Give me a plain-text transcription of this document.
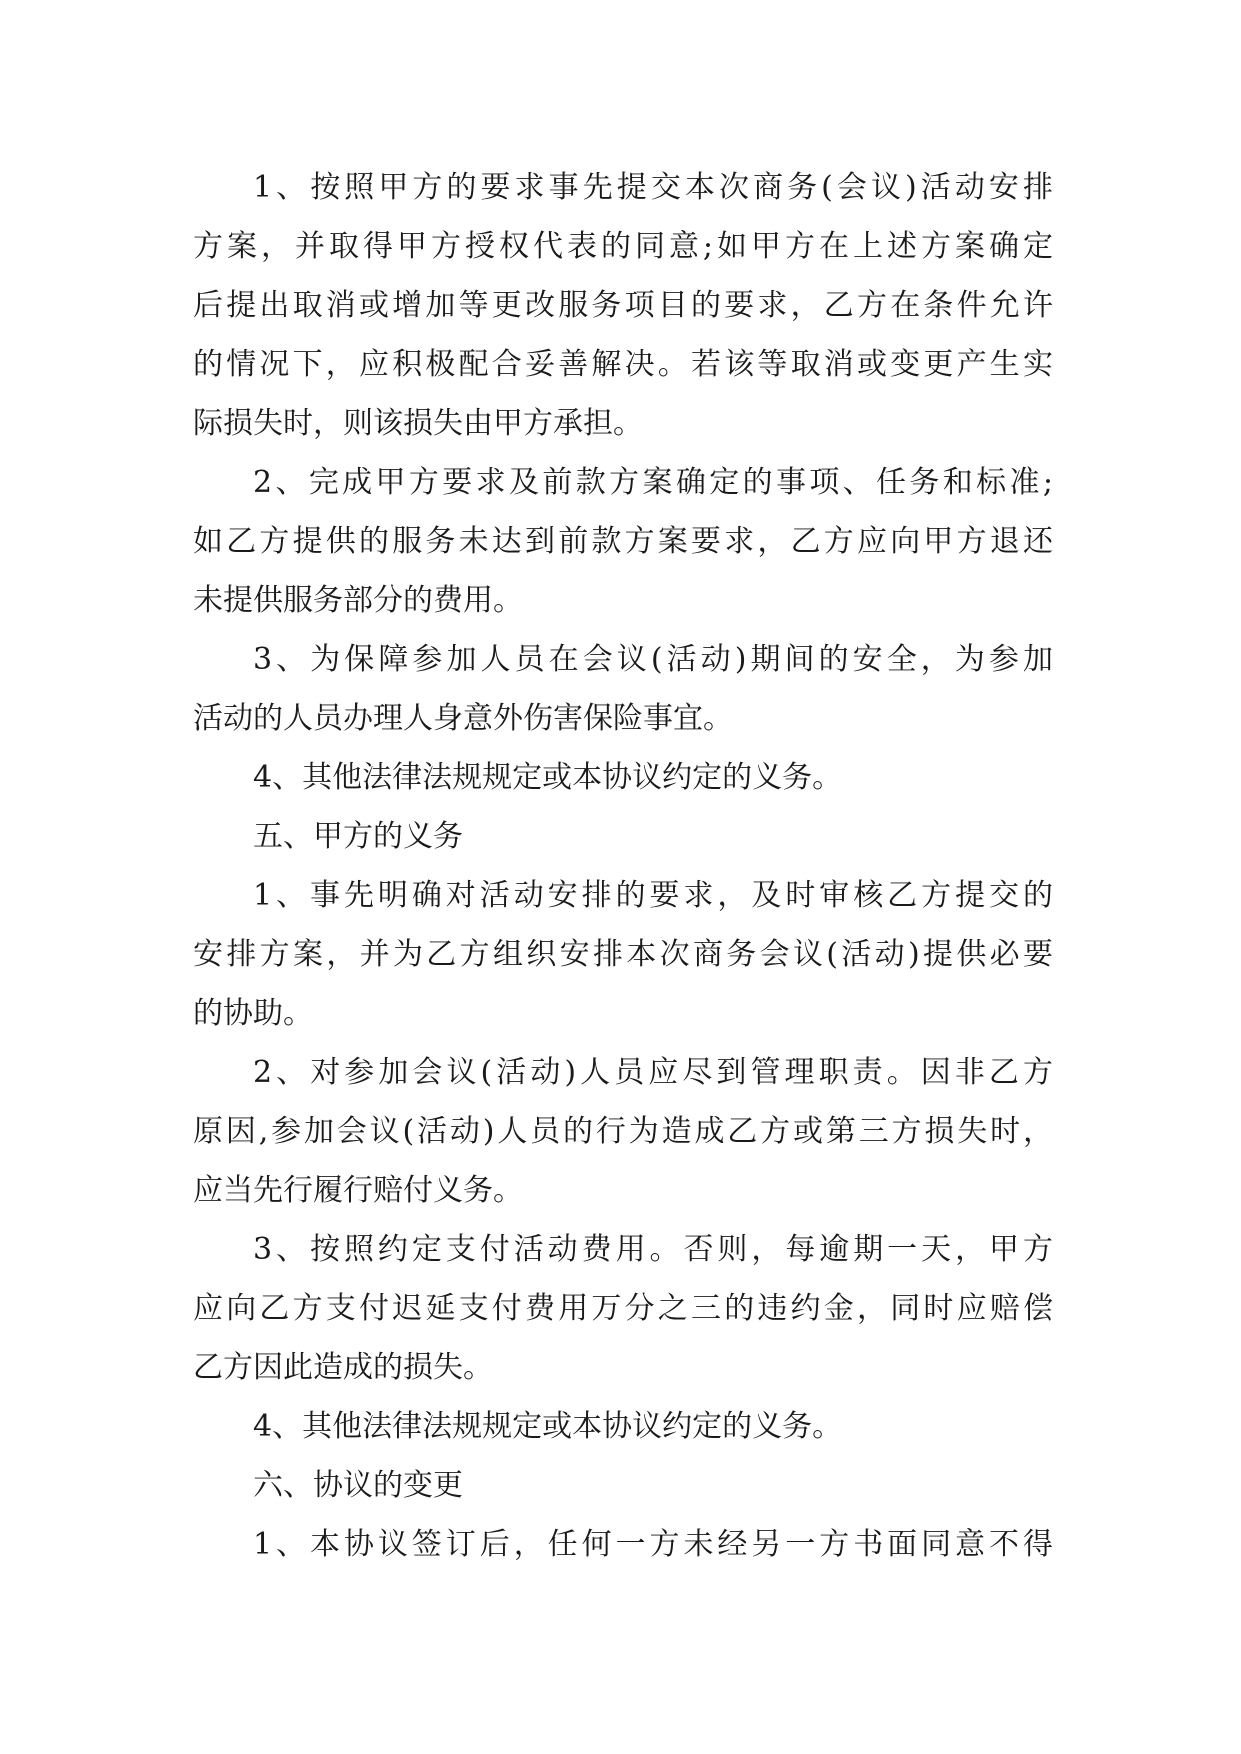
1、按照甲方的要求事先提交本次商务(会议)活动安排
方案，并取得甲方授权代表的同意;如甲方在上述方案确定
后提出取消或增加等更改服务项目的要求，乙方在条件允许
的情况下，应积极配合妥善解决。若该等取消或变更产生实
际损失时，则该损失由甲方承担。
2、完成甲方要求及前款方案确定的事项、任务和标准;
如乙方提供的服务未达到前款方案要求，乙方应向甲方退还
未提供服务部分的费用。
3、为保障参加人员在会议(活动)期间的安全，为参加
活动的人员办理人身意外伤害保险事宜。
4、其他法律法规规定或本协议约定的义务。
五、甲方的义务
1、事先明确对活动安排的要求，及时审核乙方提交的
安排方案，并为乙方组织安排本次商务会议(活动)提供必要
的协助。
2、对参加会议(活动)人员应尽到管理职责。因非乙方
原因,参加会议(活动)人员的行为造成乙方或第三方损失时，
应当先行履行赔付义务。
3、按照约定支付活动费用。否则，每逾期一天，甲方
应向乙方支付迟延支付费用万分之三的违约金，同时应赔偿
乙方因此造成的损失。
4、其他法律法规规定或本协议约定的义务。
六、协议的变更
1、本协议签订后，任何一方未经另一方书面同意不得
